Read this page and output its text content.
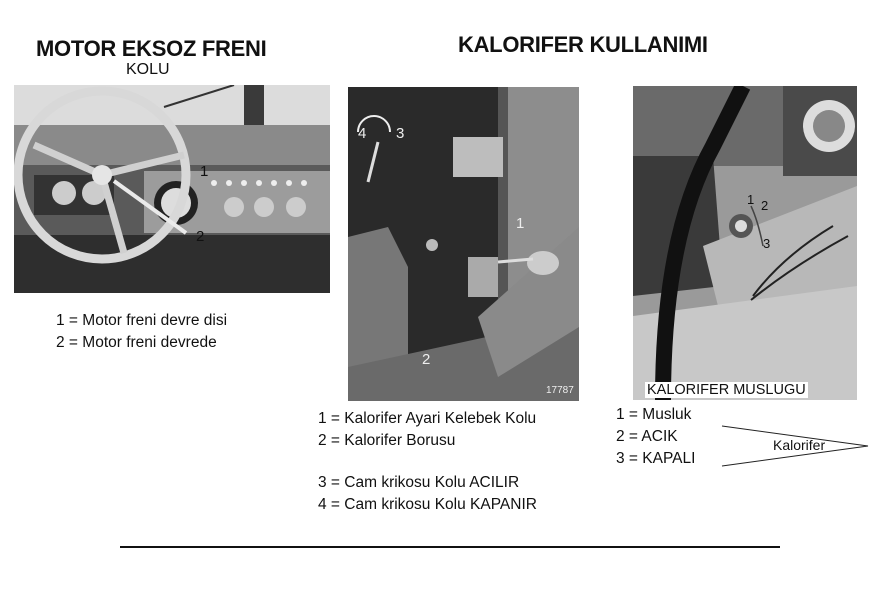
MOTOR EKSOZ FRENI
KOLU
KALORIFER KULLANIMI
1
2
1 = Motor freni devre disi
2 = Motor freni devrede
4 3
1
2
17787
1 = Kalorifer Ayari Kelebek Kolu
2 = Kalorifer Borusu
3 = Cam krikosu Kolu ACILIR
4 = Cam krikosu Kolu KAPANIR
1 2
3
KALORIFER MUSLUGU
1 = Musluk
2 = ACIK
3 = KAPALI
Kalorifer
